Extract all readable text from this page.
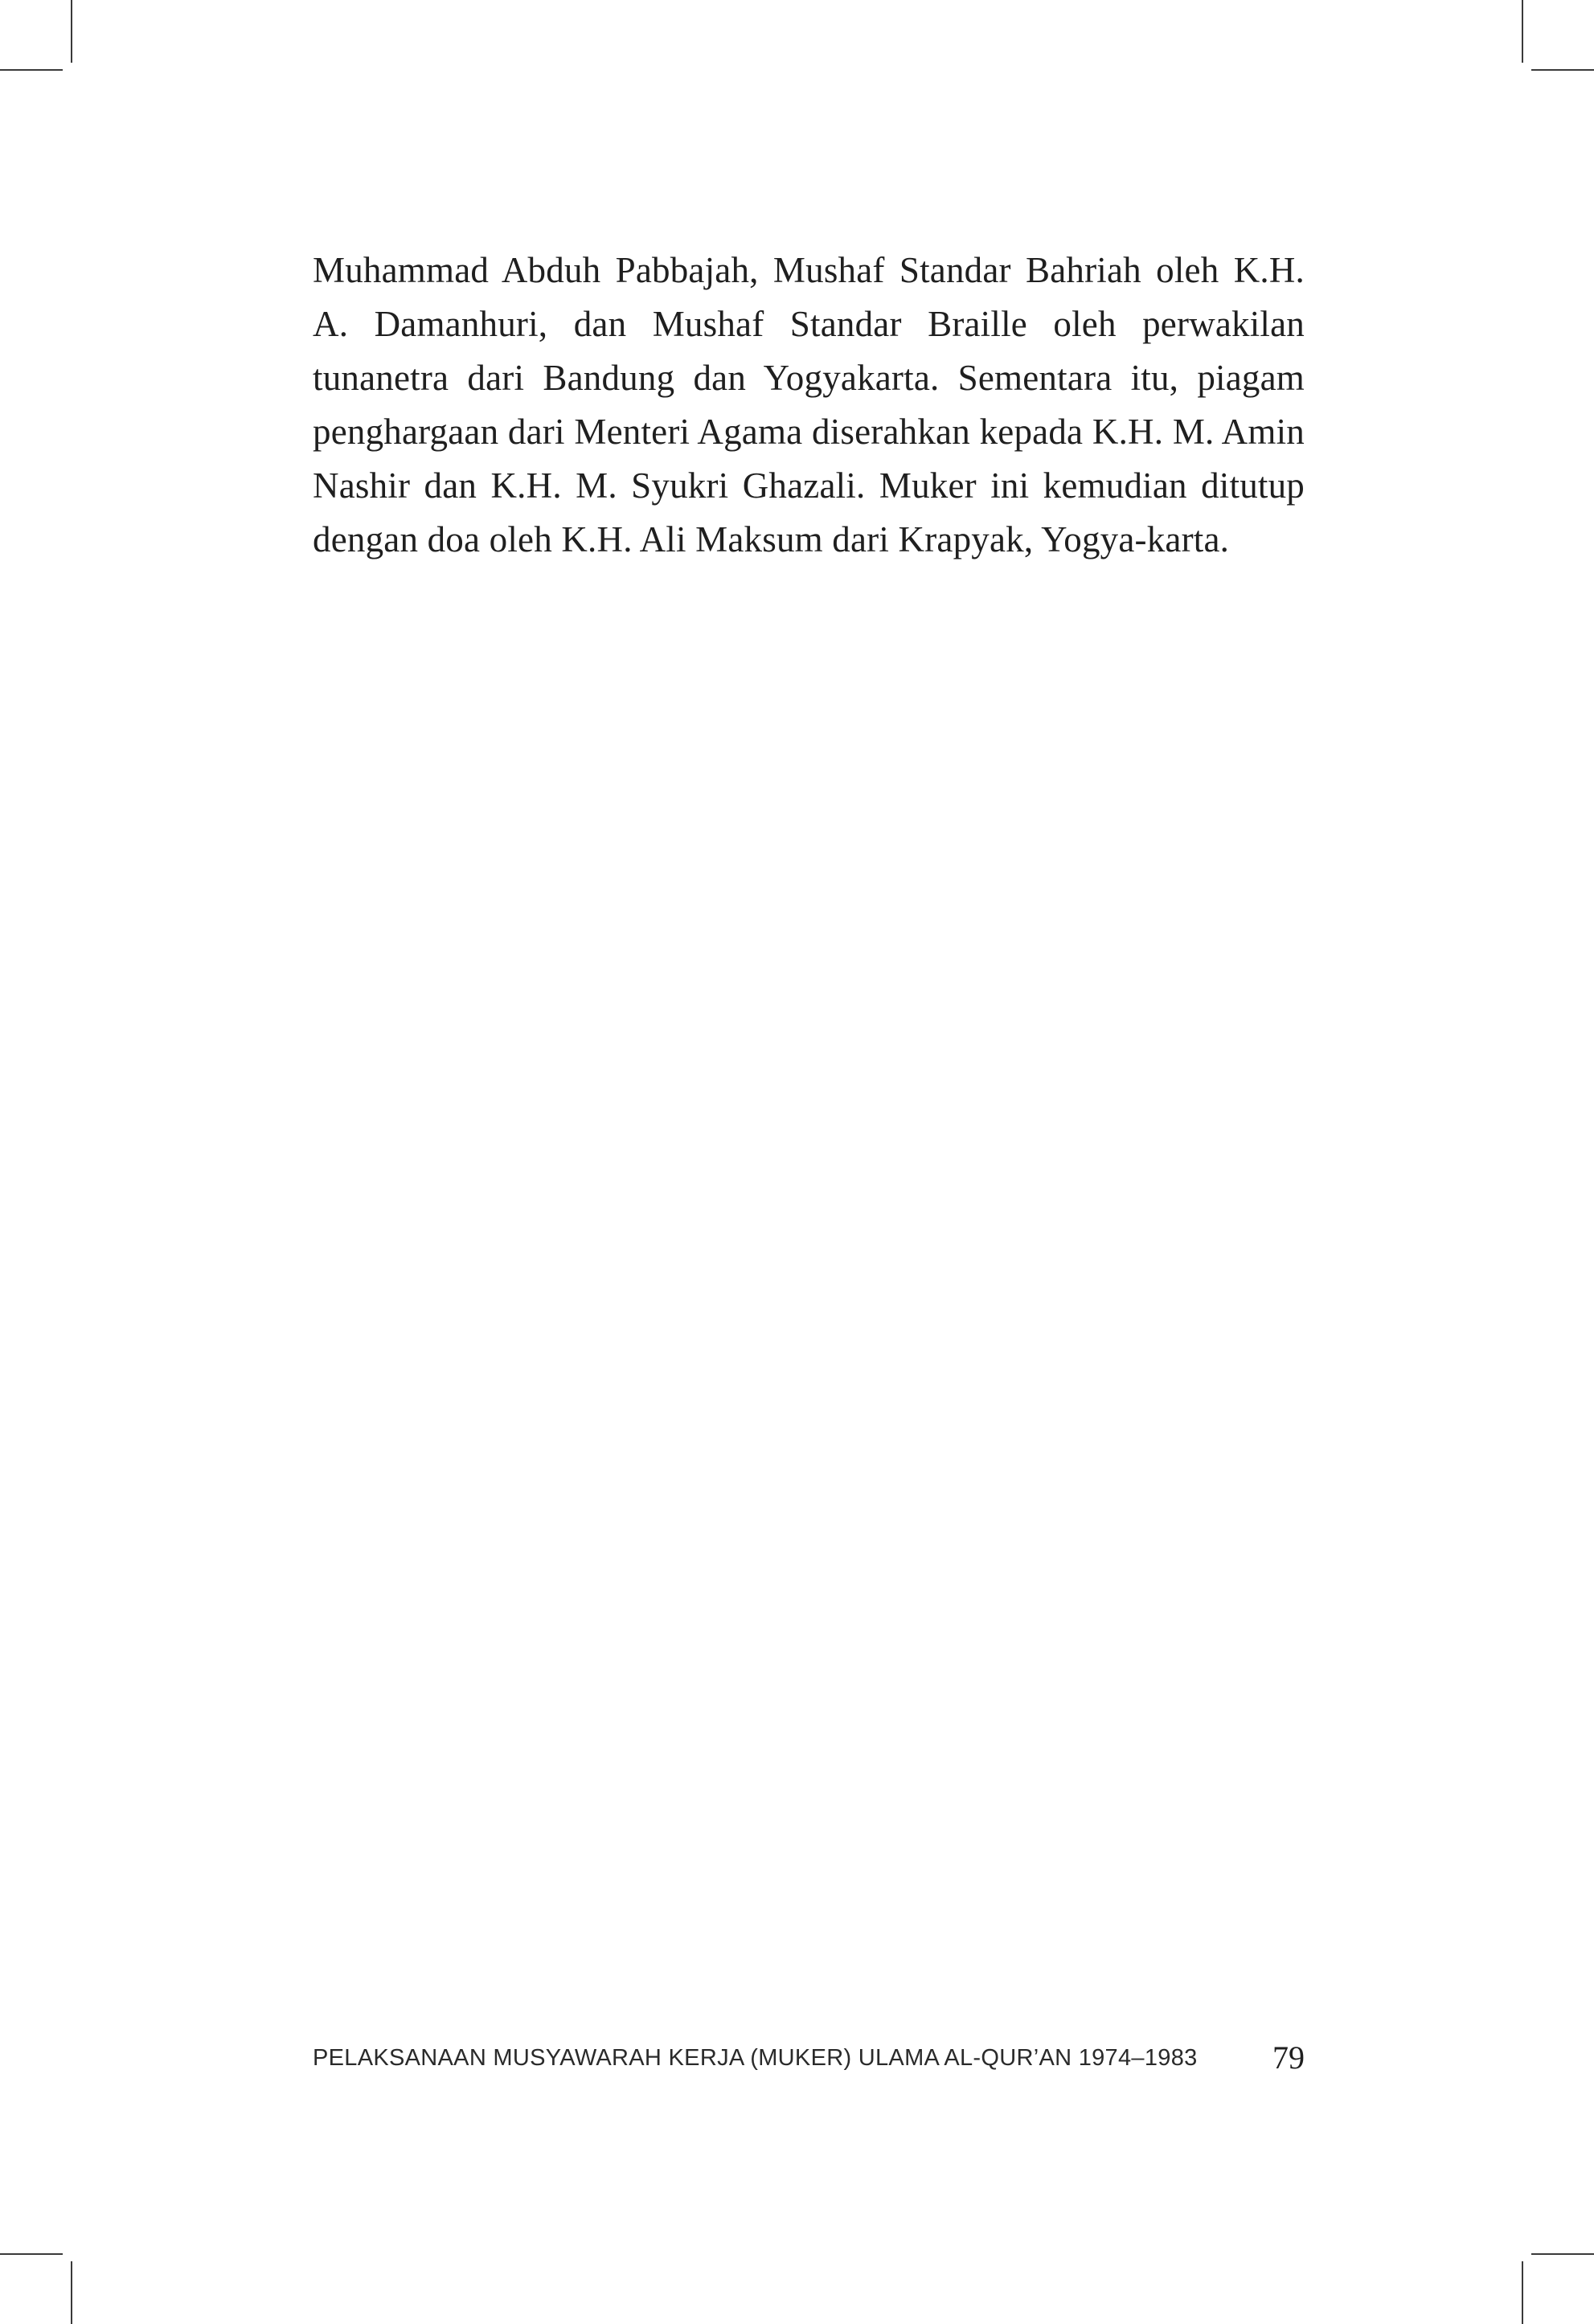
Muhammad Abduh Pabbajah, Mushaf Standar Bahriah oleh K.H. A. Damanhuri, dan Mushaf Standar Braille oleh perwakilan tunanetra dari Bandung dan Yogyakarta. Sementara itu, piagam penghargaan dari Menteri Agama diserahkan kepada K.H. M. Amin Nashir dan K.H. M. Syukri Ghazali. Muker ini kemudian ditutup dengan doa oleh K.H. Ali Maksum dari Krapyak, Yogya-karta.

PELAKSANAAN MUSYAWARAH KERJA (MUKER) ULAMA AL-QUR’AN 1974–1983 79
